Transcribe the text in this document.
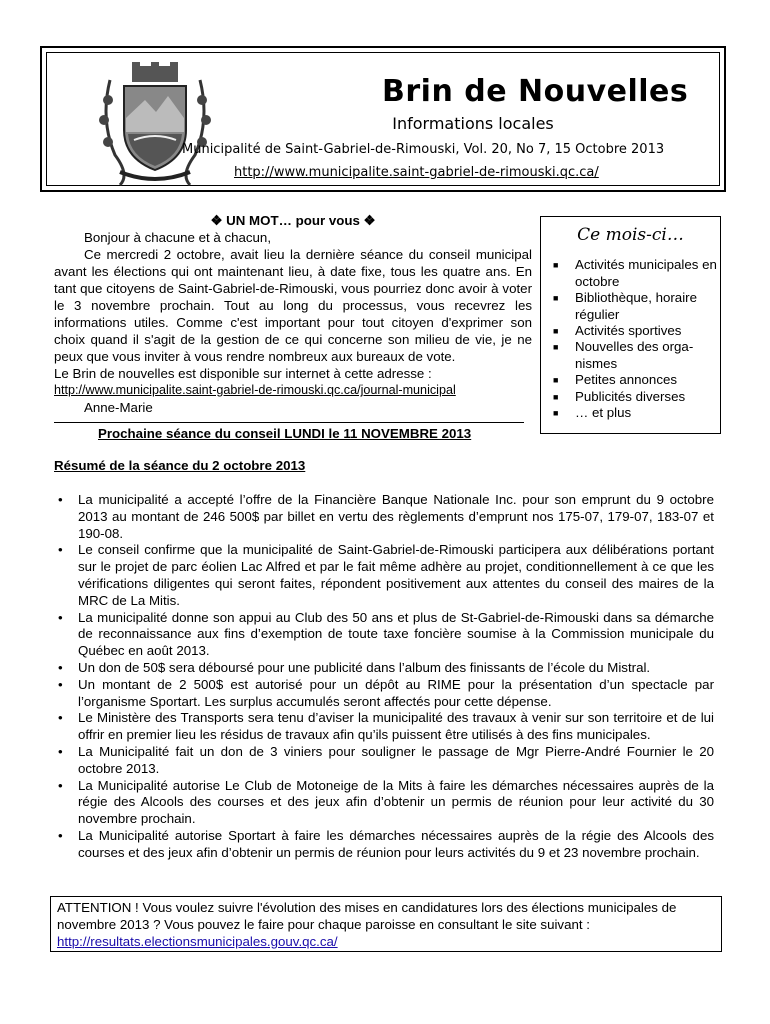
Brin de Nouvelles
Informations locales
Municipalité de Saint-Gabriel-de-Rimouski, Vol. 20, No 7, 15 Octobre 2013
http://www.municipalite.saint-gabriel-de-rimouski.qc.ca/
❖ UN MOT… pour vous ❖
Bonjour à chacune et à chacun,
Ce mercredi 2 octobre, avait lieu la dernière séance du conseil municipal avant les élections qui ont maintenant lieu, à date fixe, tous les quatre ans. En tant que citoyens de Saint-Gabriel-de-Rimouski, vous pourriez donc avoir à voter le 3 novembre prochain. Tout au long du processus, vous recevrez les informations utiles. Comme c'est important pour tout citoyen d'exprimer son choix quand il s'agit de la gestion de ce qui concerne son milieu de vie, je ne peux que vous inviter à vous rendre nombreux aux bureaux de vote.
Le Brin de nouvelles est disponible sur internet à cette adresse :
http://www.municipalite.saint-gabriel-de-rimouski.qc.ca/journal-municipal
Anne-Marie
Prochaine séance du conseil LUNDI le 11 NOVEMBRE 2013
Ce mois-ci…
■ Activités municipales en octobre
■ Bibliothèque, horaire régulier
■ Activités sportives
■ Nouvelles des orga-nismes
■ Petites annonces
■ Publicités diverses
■ … et plus
Résumé de la séance du 2 octobre 2013
• La municipalité a accepté l’offre de la Financière Banque Nationale Inc. pour son emprunt du 9 octobre 2013 au montant de 246 500$ par billet en vertu des règlements d’emprunt nos 175-07, 179-07, 183-07 et 190-08.
• Le conseil confirme que la municipalité de Saint-Gabriel-de-Rimouski participera aux délibérations portant sur le projet de parc éolien Lac Alfred et par le fait même adhère au projet, conditionnellement à ce que les vérifications diligentes qui seront faites, répondent positivement aux attentes du conseil des maires de la MRC de La Mitis.
• La municipalité donne son appui au Club des 50 ans et plus de St-Gabriel-de-Rimouski dans sa démarche de reconnaissance aux fins d’exemption de toute taxe foncière soumise à la Commission municipale du Québec en août 2013.
• Un don de 50$ sera déboursé pour une publicité dans l’album des finissants de l’école du Mistral.
• Un montant de 2 500$ est autorisé pour un dépôt au RIME pour la présentation d’un spectacle par l’organisme Sportart. Les surplus accumulés seront affectés pour cette dépense.
• Le Ministère des Transports sera tenu d’aviser la municipalité des travaux à venir sur son territoire et de lui offrir en premier lieu les résidus de travaux afin qu’ils puissent être utilisés à des fins municipales.
• La Municipalité fait un don de 3 viniers pour souligner le passage de Mgr Pierre-André Fournier le 20 octobre 2013.
• La Municipalité autorise Le Club de Motoneige de la Mits à faire les démarches nécessaires auprès de la régie des Alcools des courses et des jeux afin d’obtenir un permis de réunion pour leur activité du 30 novembre prochain.
• La Municipalité autorise Sportart à faire les démarches nécessaires auprès de la régie des Alcools des courses et des jeux afin d’obtenir un permis de réunion pour leurs activités du 9 et 23 novembre prochain.
ATTENTION ! Vous voulez suivre l'évolution des mises en candidatures lors des élections municipales de novembre 2013 ? Vous pouvez le faire pour chaque paroisse en consultant le site suivant :
http://resultats.electionsmunicipales.gouv.qc.ca/
